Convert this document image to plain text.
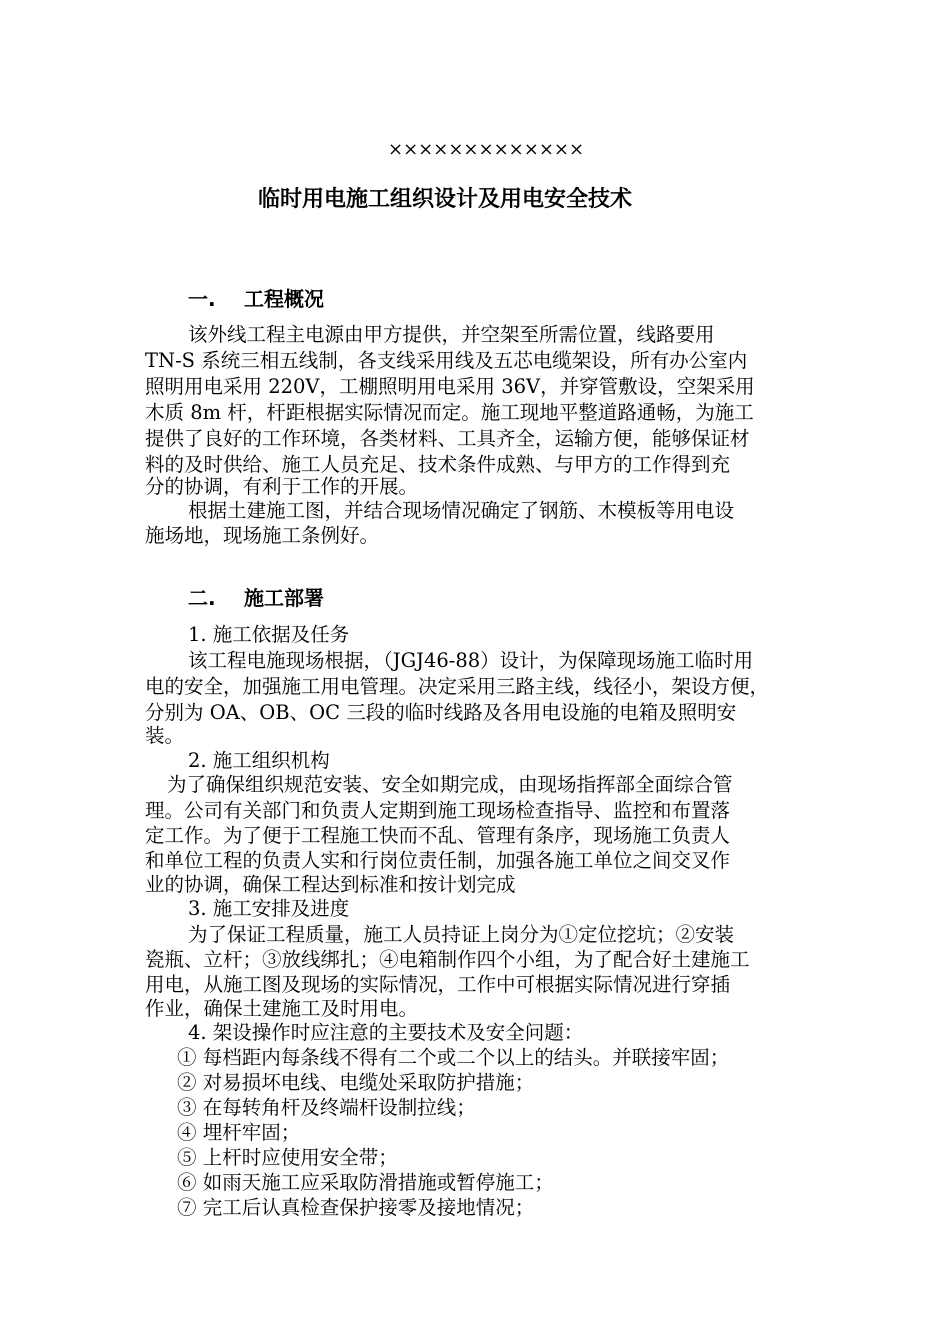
×××××××××××××
临时用电施工组织设计及用电安全技术
一. 工程概况
该外线工程主电源由甲方提供，并空架至所需位置，线路要用
TN-S 系统三相五线制，各支线采用线及五芯电缆架设，所有办公室内
照明用电采用 220V，工棚照明用电采用 36V，并穿管敷设，空架采用
木质 8m 杆，杆距根据实际情况而定。施工现地平整道路通畅，为施工
提供了良好的工作环境，各类材料、工具齐全，运输方便，能够保证材
料的及时供给、施工人员充足、技术条件成熟、与甲方的工作得到充
分的协调，有利于工作的开展。
根据土建施工图，并结合现场情况确定了钢筋、木模板等用电设
施场地，现场施工条例好。
二. 施工部署
1. 施工依据及任务
该工程电施现场根据，（JGJ46-88）设计，为保障现场施工临时用
电的安全，加强施工用电管理。决定采用三路主线，线径小，架设方便，
分别为 OA、OB、OC 三段的临时线路及各用电设施的电箱及照明安
装。
2. 施工组织机构
为了确保组织规范安装、安全如期完成，由现场指挥部全面综合管
理。公司有关部门和负责人定期到施工现场检查指导、监控和布置落
定工作。为了便于工程施工快而不乱、管理有条序，现场施工负责人
和单位工程的负责人实和行岗位责任制，加强各施工单位之间交叉作
业的协调，确保工程达到标准和按计划完成
3. 施工安排及进度
为了保证工程质量，施工人员持证上岗分为①定位挖坑；②安装
瓷瓶、立杆；③放线绑扎；④电箱制作四个小组，为了配合好土建施工
用电，从施工图及现场的实际情况，工作中可根据实际情况进行穿插
作业，确保土建施工及时用电。
4. 架设操作时应注意的主要技术及安全问题：
① 每档距内每条线不得有二个或二个以上的结头。并联接牢固；
② 对易损坏电线、电缆处采取防护措施；
③ 在每转角杆及终端杆设制拉线；
④ 埋杆牢固；
⑤ 上杆时应使用安全带；
⑥ 如雨天施工应采取防滑措施或暂停施工；
⑦ 完工后认真检查保护接零及接地情况；
